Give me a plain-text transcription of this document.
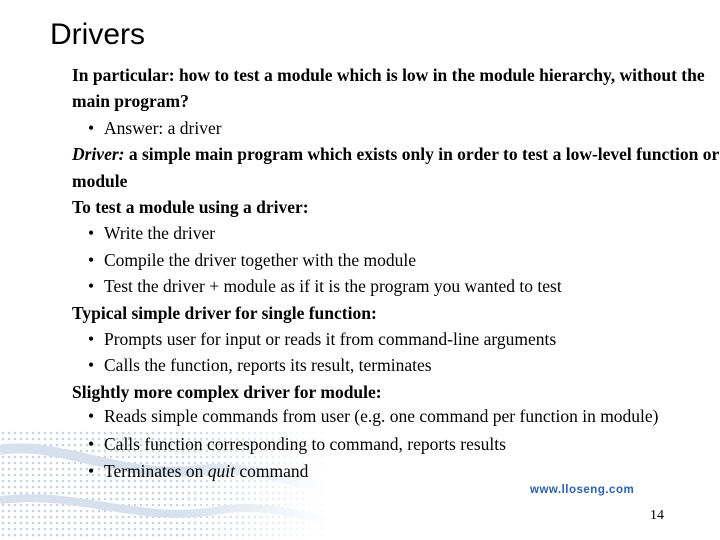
Drivers
In particular: how to test a module which is low in the module hierarchy, without the main program?
• Answer: a driver
Driver: a simple main program which exists only in order to test a low-level function or module
To test a module using a driver:
• Write the driver
• Compile the driver together with the module
• Test the driver + module as if it is the program you wanted to test
Typical simple driver for single function:
• Prompts user for input or reads it from command-line arguments
• Calls the function, reports its result, terminates
Slightly more complex driver for module:
• Reads simple commands from user (e.g. one command per function in module)
• Calls function corresponding to command, reports results
• Terminates on quit command
www.lloseng.com
14
